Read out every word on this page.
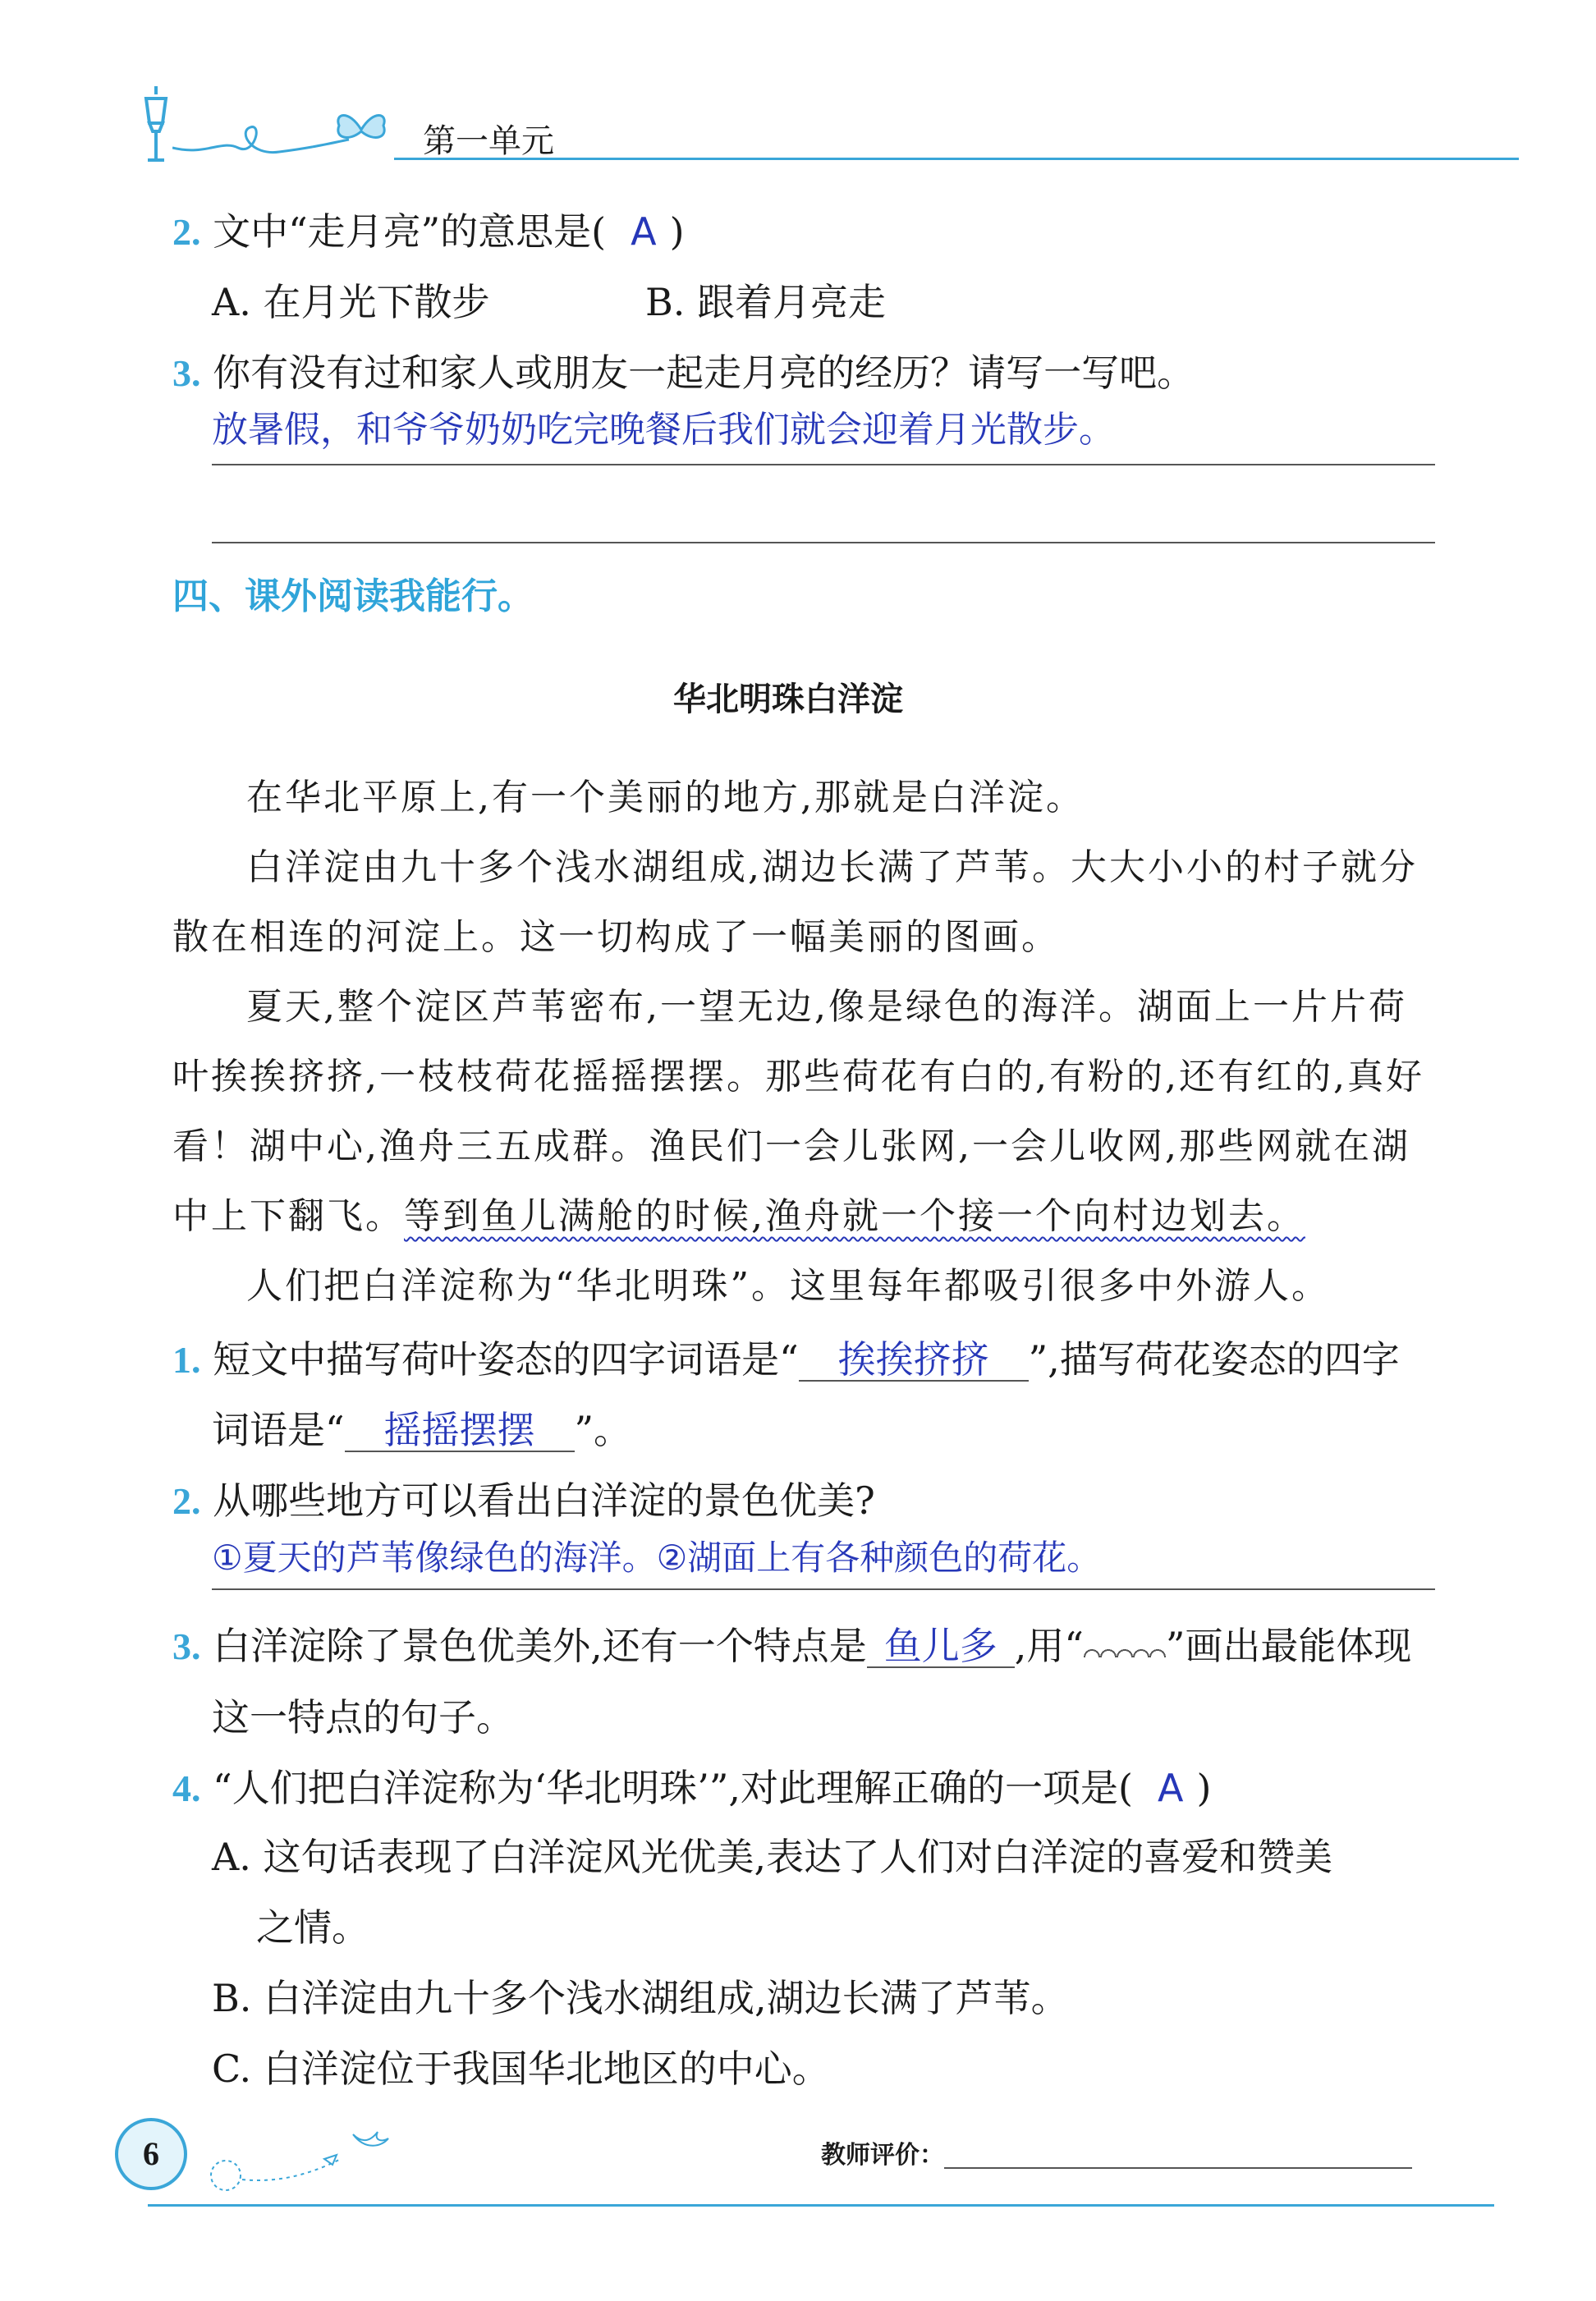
第一单元
2. 文中“走月亮”的意思是( A )
A. 在月光下散步	B. 跟着月亮走
3. 你有没有过和家人或朋友一起走月亮的经历？请写一写吧。
放暑假，和爷爷奶奶吃完晚餐后我们就会迎着月光散步。
四、课外阅读我能行。
华北明珠白洋淀
在华北平原上,有一个美丽的地方,那就是白洋淀。
白洋淀由九十多个浅水湖组成,湖边长满了芦苇。大大小小的村子就分
散在相连的河淀上。这一切构成了一幅美丽的图画。
夏天,整个淀区芦苇密布,一望无边,像是绿色的海洋。湖面上一片片荷
叶挨挨挤挤,一枝枝荷花摇摇摆摆。那些荷花有白的,有粉的,还有红的,真好
看！湖中心,渔舟三五成群。渔民们一会儿张网,一会儿收网,那些网就在湖
中上下翻飞。等到鱼儿满舱的时候,渔舟就一个接一个向村边划去。
人们把白洋淀称为“华北明珠”。这里每年都吸引很多中外游人。
1. 短文中描写荷叶姿态的四字词语是“ 挨挨挤挤 ”,描写荷花姿态的四字
词语是“ 摇摇摆摆 ”。
2. 从哪些地方可以看出白洋淀的景色优美?
①夏天的芦苇像绿色的海洋。②湖面上有各种颜色的荷花。
3. 白洋淀除了景色优美外,还有一个特点是 鱼儿多 ,用“ ”画出最能体现
这一特点的句子。
4. “人们把白洋淀称为‘华北明珠’”,对此理解正确的一项是( A )
A. 这句话表现了白洋淀风光优美,表达了人们对白洋淀的喜爱和赞美
之情。
B. 白洋淀由九十多个浅水湖组成,湖边长满了芦苇。
C. 白洋淀位于我国华北地区的中心。
6	教师评价：
